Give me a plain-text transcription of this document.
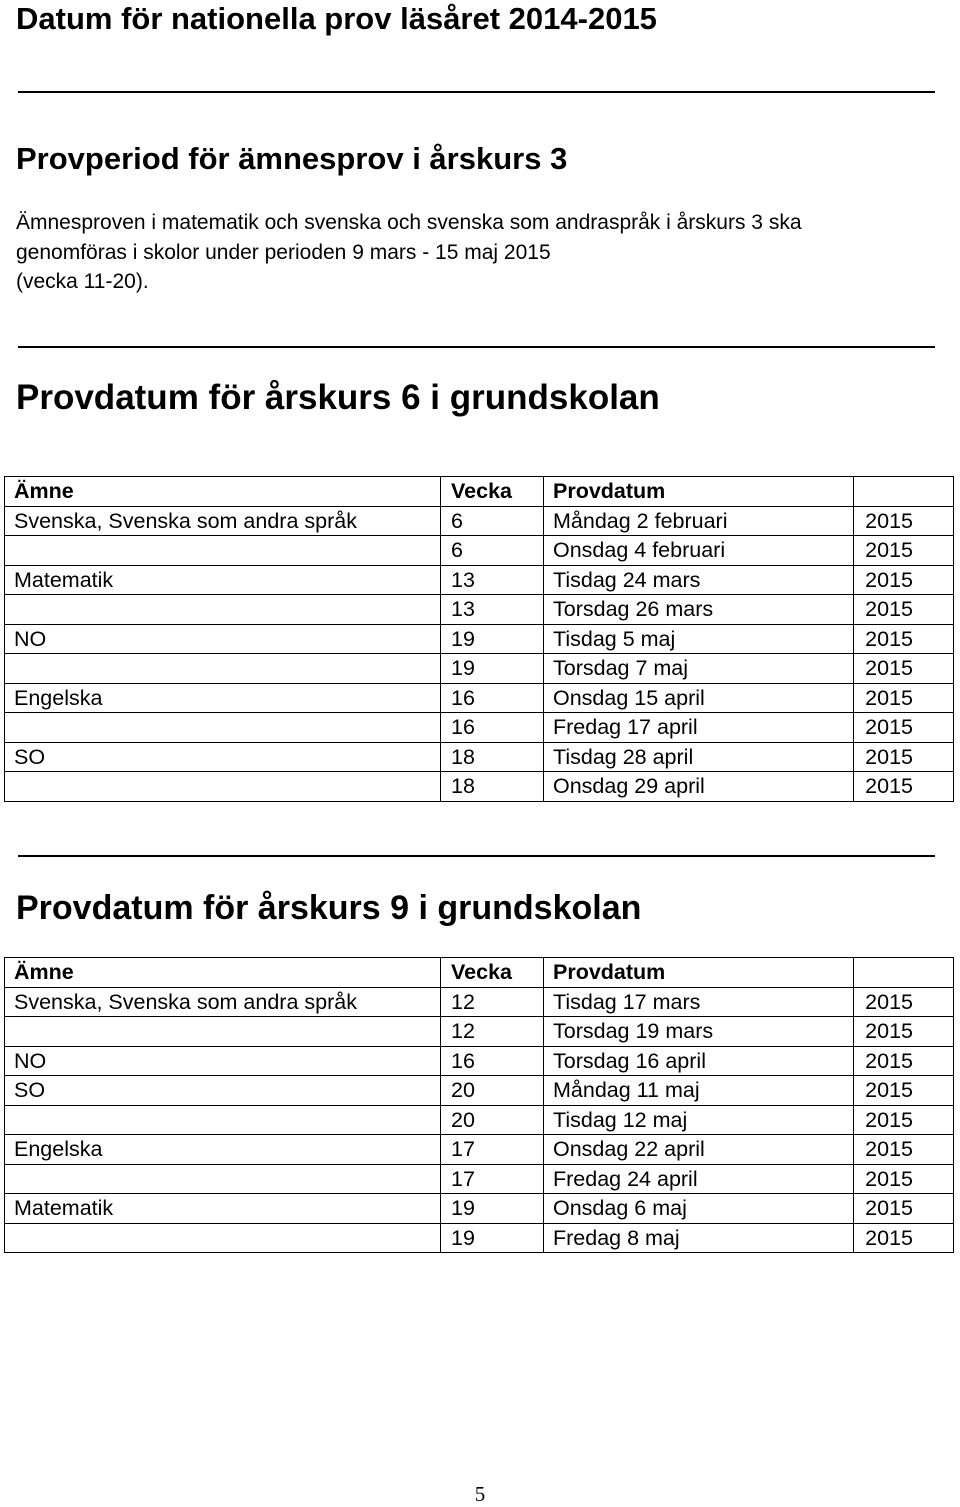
Datum för nationella prov läsåret 2014-2015
Provperiod för ämnesprov i årskurs 3
Ämnesproven i matematik och svenska och svenska som andraspråk i årskurs 3 ska
genomföras i skolor under perioden 9 mars - 15 maj 2015
(vecka 11-20).
Provdatum för årskurs 6 i grundskolan
Ämne	Vecka	Provdatum	
Svenska, Svenska som andra språk	6	Måndag 2 februari	2015
	6	Onsdag 4 februari	2015
Matematik	13	Tisdag 24 mars	2015
	13	Torsdag 26 mars	2015
NO	19	Tisdag 5 maj	2015
	19	Torsdag 7 maj	2015
Engelska	16	Onsdag 15 april	2015
	16	Fredag 17 april	2015
SO	18	Tisdag 28 april	2015
	18	Onsdag 29 april	2015
Provdatum för årskurs 9 i grundskolan
Ämne	Vecka	Provdatum	
Svenska, Svenska som andra språk	12	Tisdag 17 mars	2015
	12	Torsdag 19 mars	2015
NO	16	Torsdag 16 april	2015
SO	20	Måndag 11 maj	2015
	20	Tisdag 12 maj	2015
Engelska	17	Onsdag 22 april	2015
	17	Fredag 24 april	2015
Matematik	19	Onsdag 6 maj	2015
	19	Fredag 8 maj	2015
5
